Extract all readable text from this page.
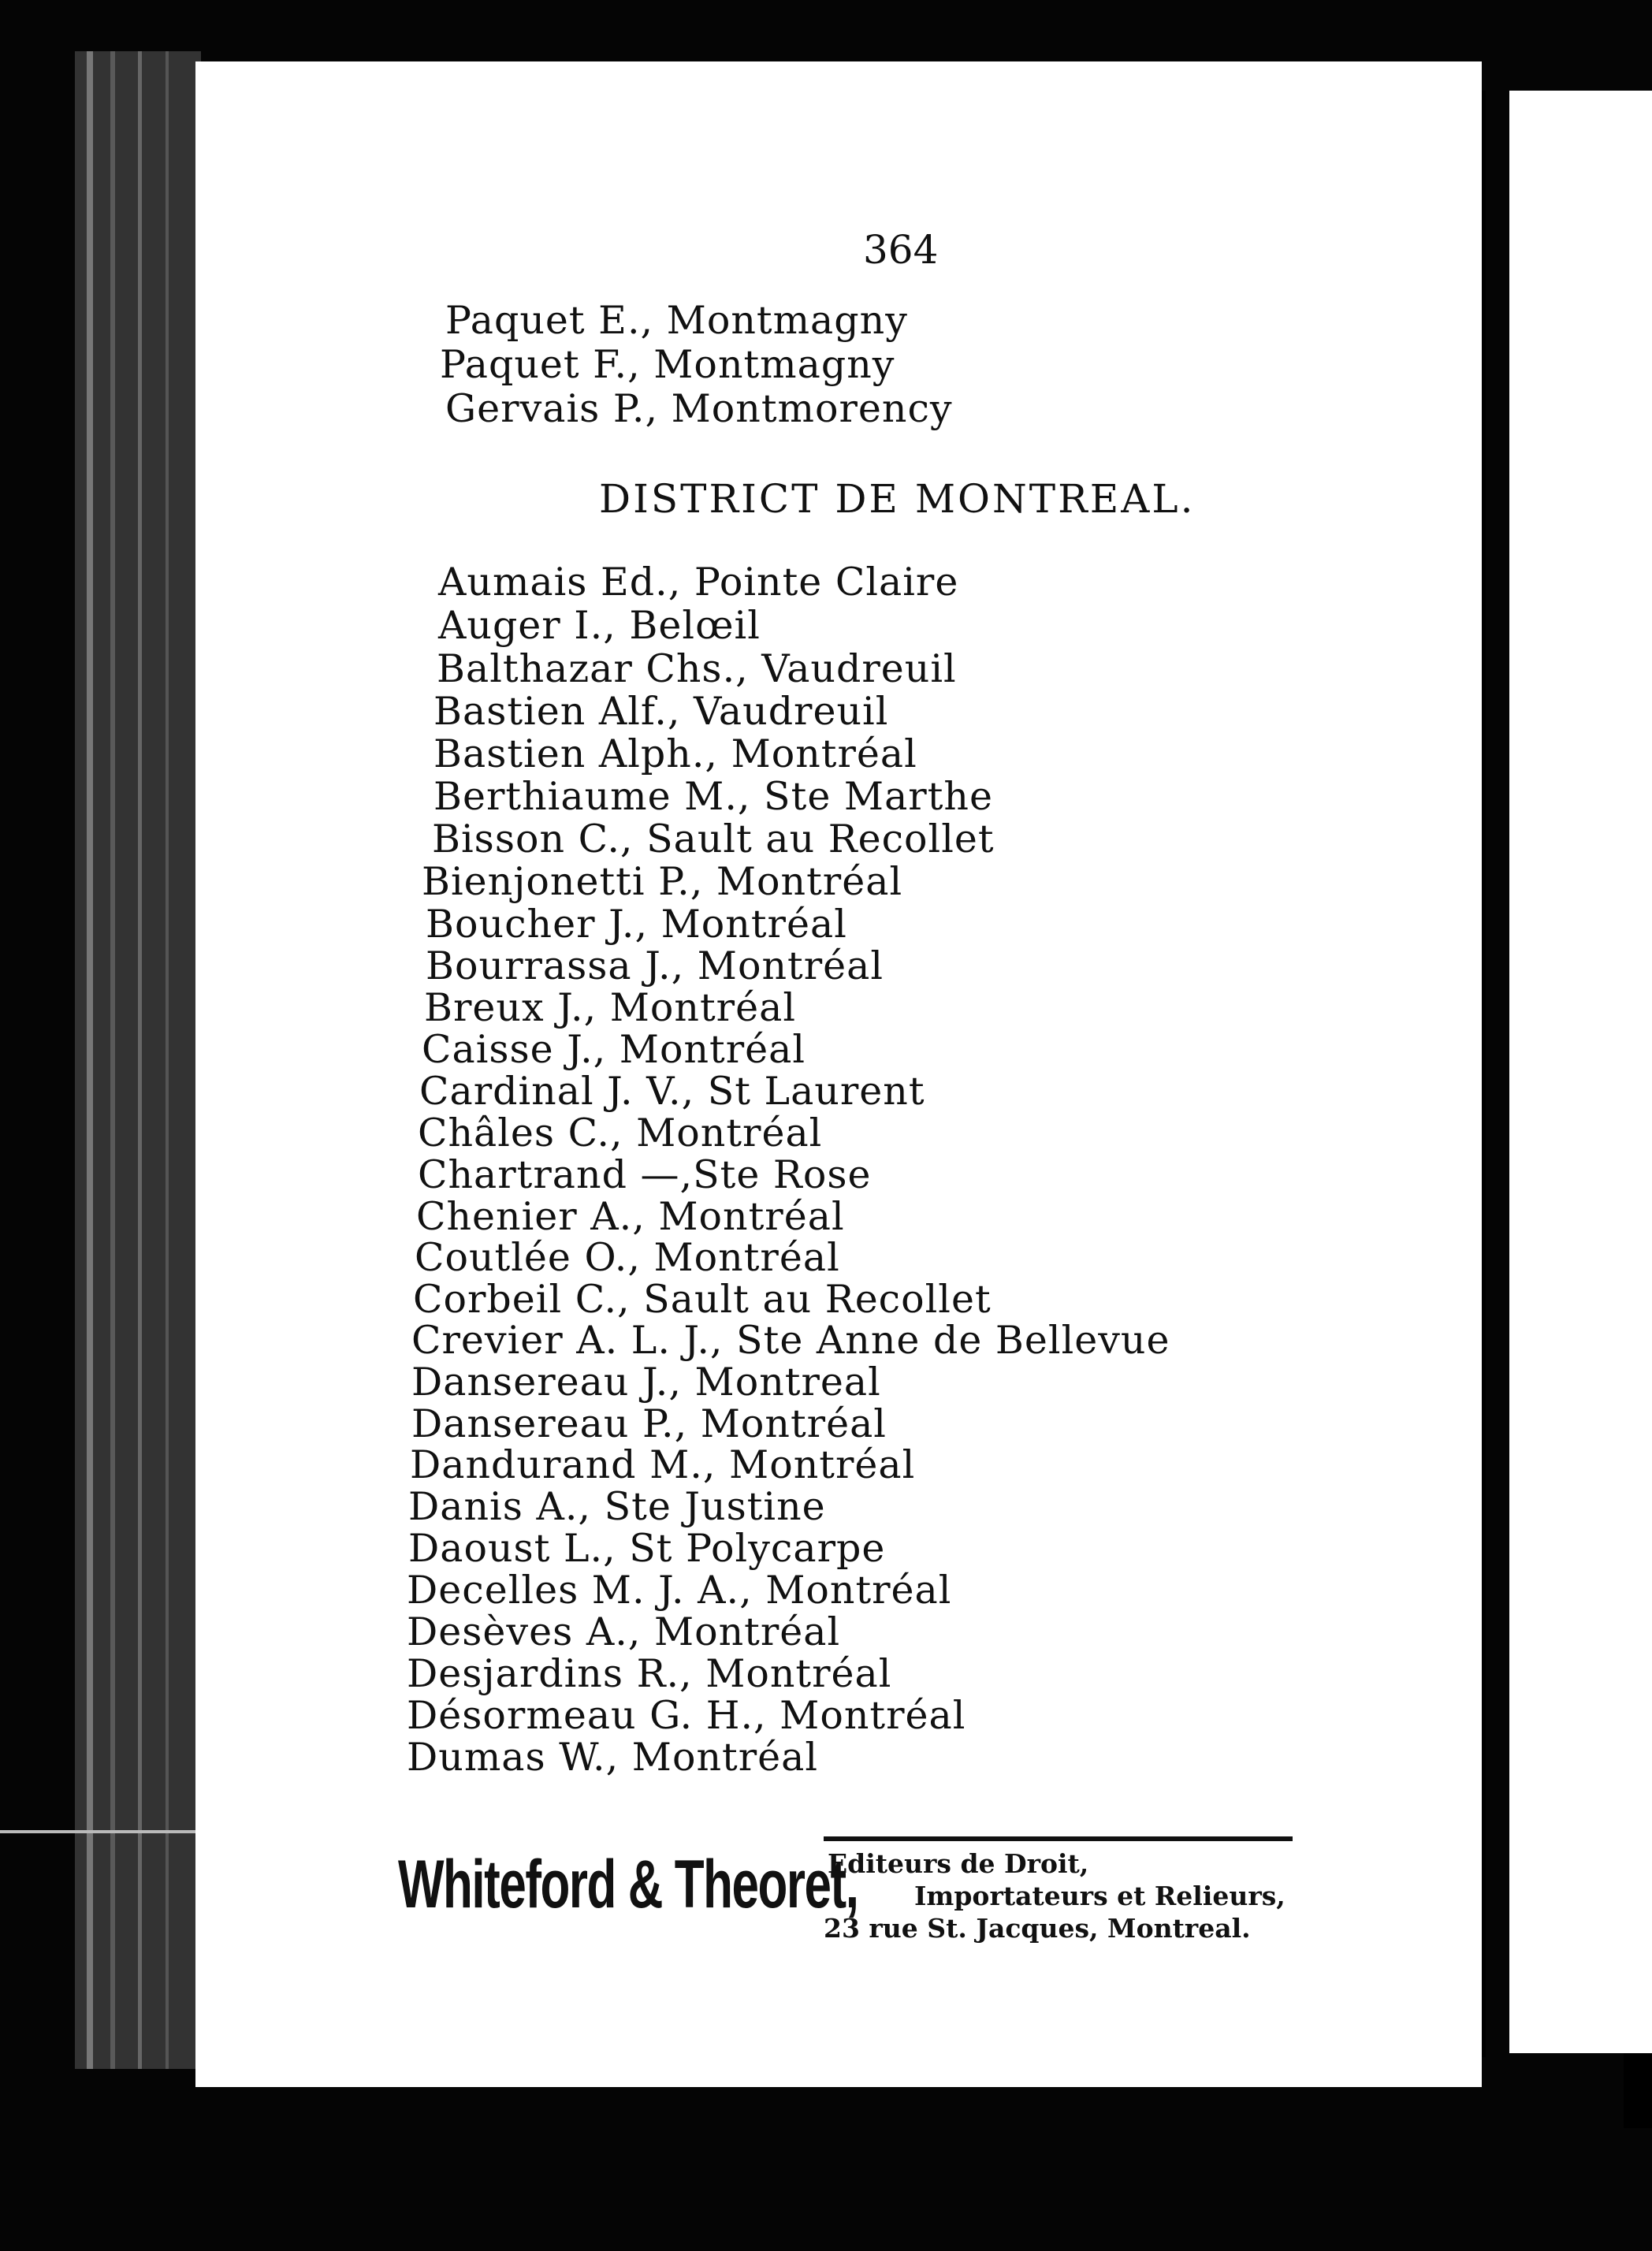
364
Paquet E., Montmagny
Paquet F., Montmagny
Gervais P., Montmorency
DISTRICT DE MONTREAL.
Aumais Ed., Pointe Claire
Auger I., Belœil
Balthazar Chs., Vaudreuil
Bastien Alf., Vaudreuil
Bastien Alph., Montréal
Berthiaume M., Ste Marthe
Bisson C., Sault au Recollet
Bienjonetti P., Montréal
Boucher J., Montréal
Bourrassa J., Montréal
Breux J., Montréal
Caisse J., Montréal
Cardinal J. V., St Laurent
Châles C., Montréal
Chartrand —,Ste Rose
Chenier A., Montréal
Coutlée O., Montréal
Corbeil C., Sault au Recollet
Crevier A. L. J., Ste Anne de Bellevue
Dansereau J., Montreal
Dansereau P., Montréal
Dandurand M., Montréal
Danis A., Ste Justine
Daoust L., St Polycarpe
Decelles M. J. A., Montréal
Desèves A., Montréal
Desjardins R., Montréal
Désormeau G. H., Montréal
Dumas W., Montréal
Whiteford & Theoret,
Editeurs de Droit,
Importateurs et Relieurs,
23 rue St. Jacques, Montreal.
